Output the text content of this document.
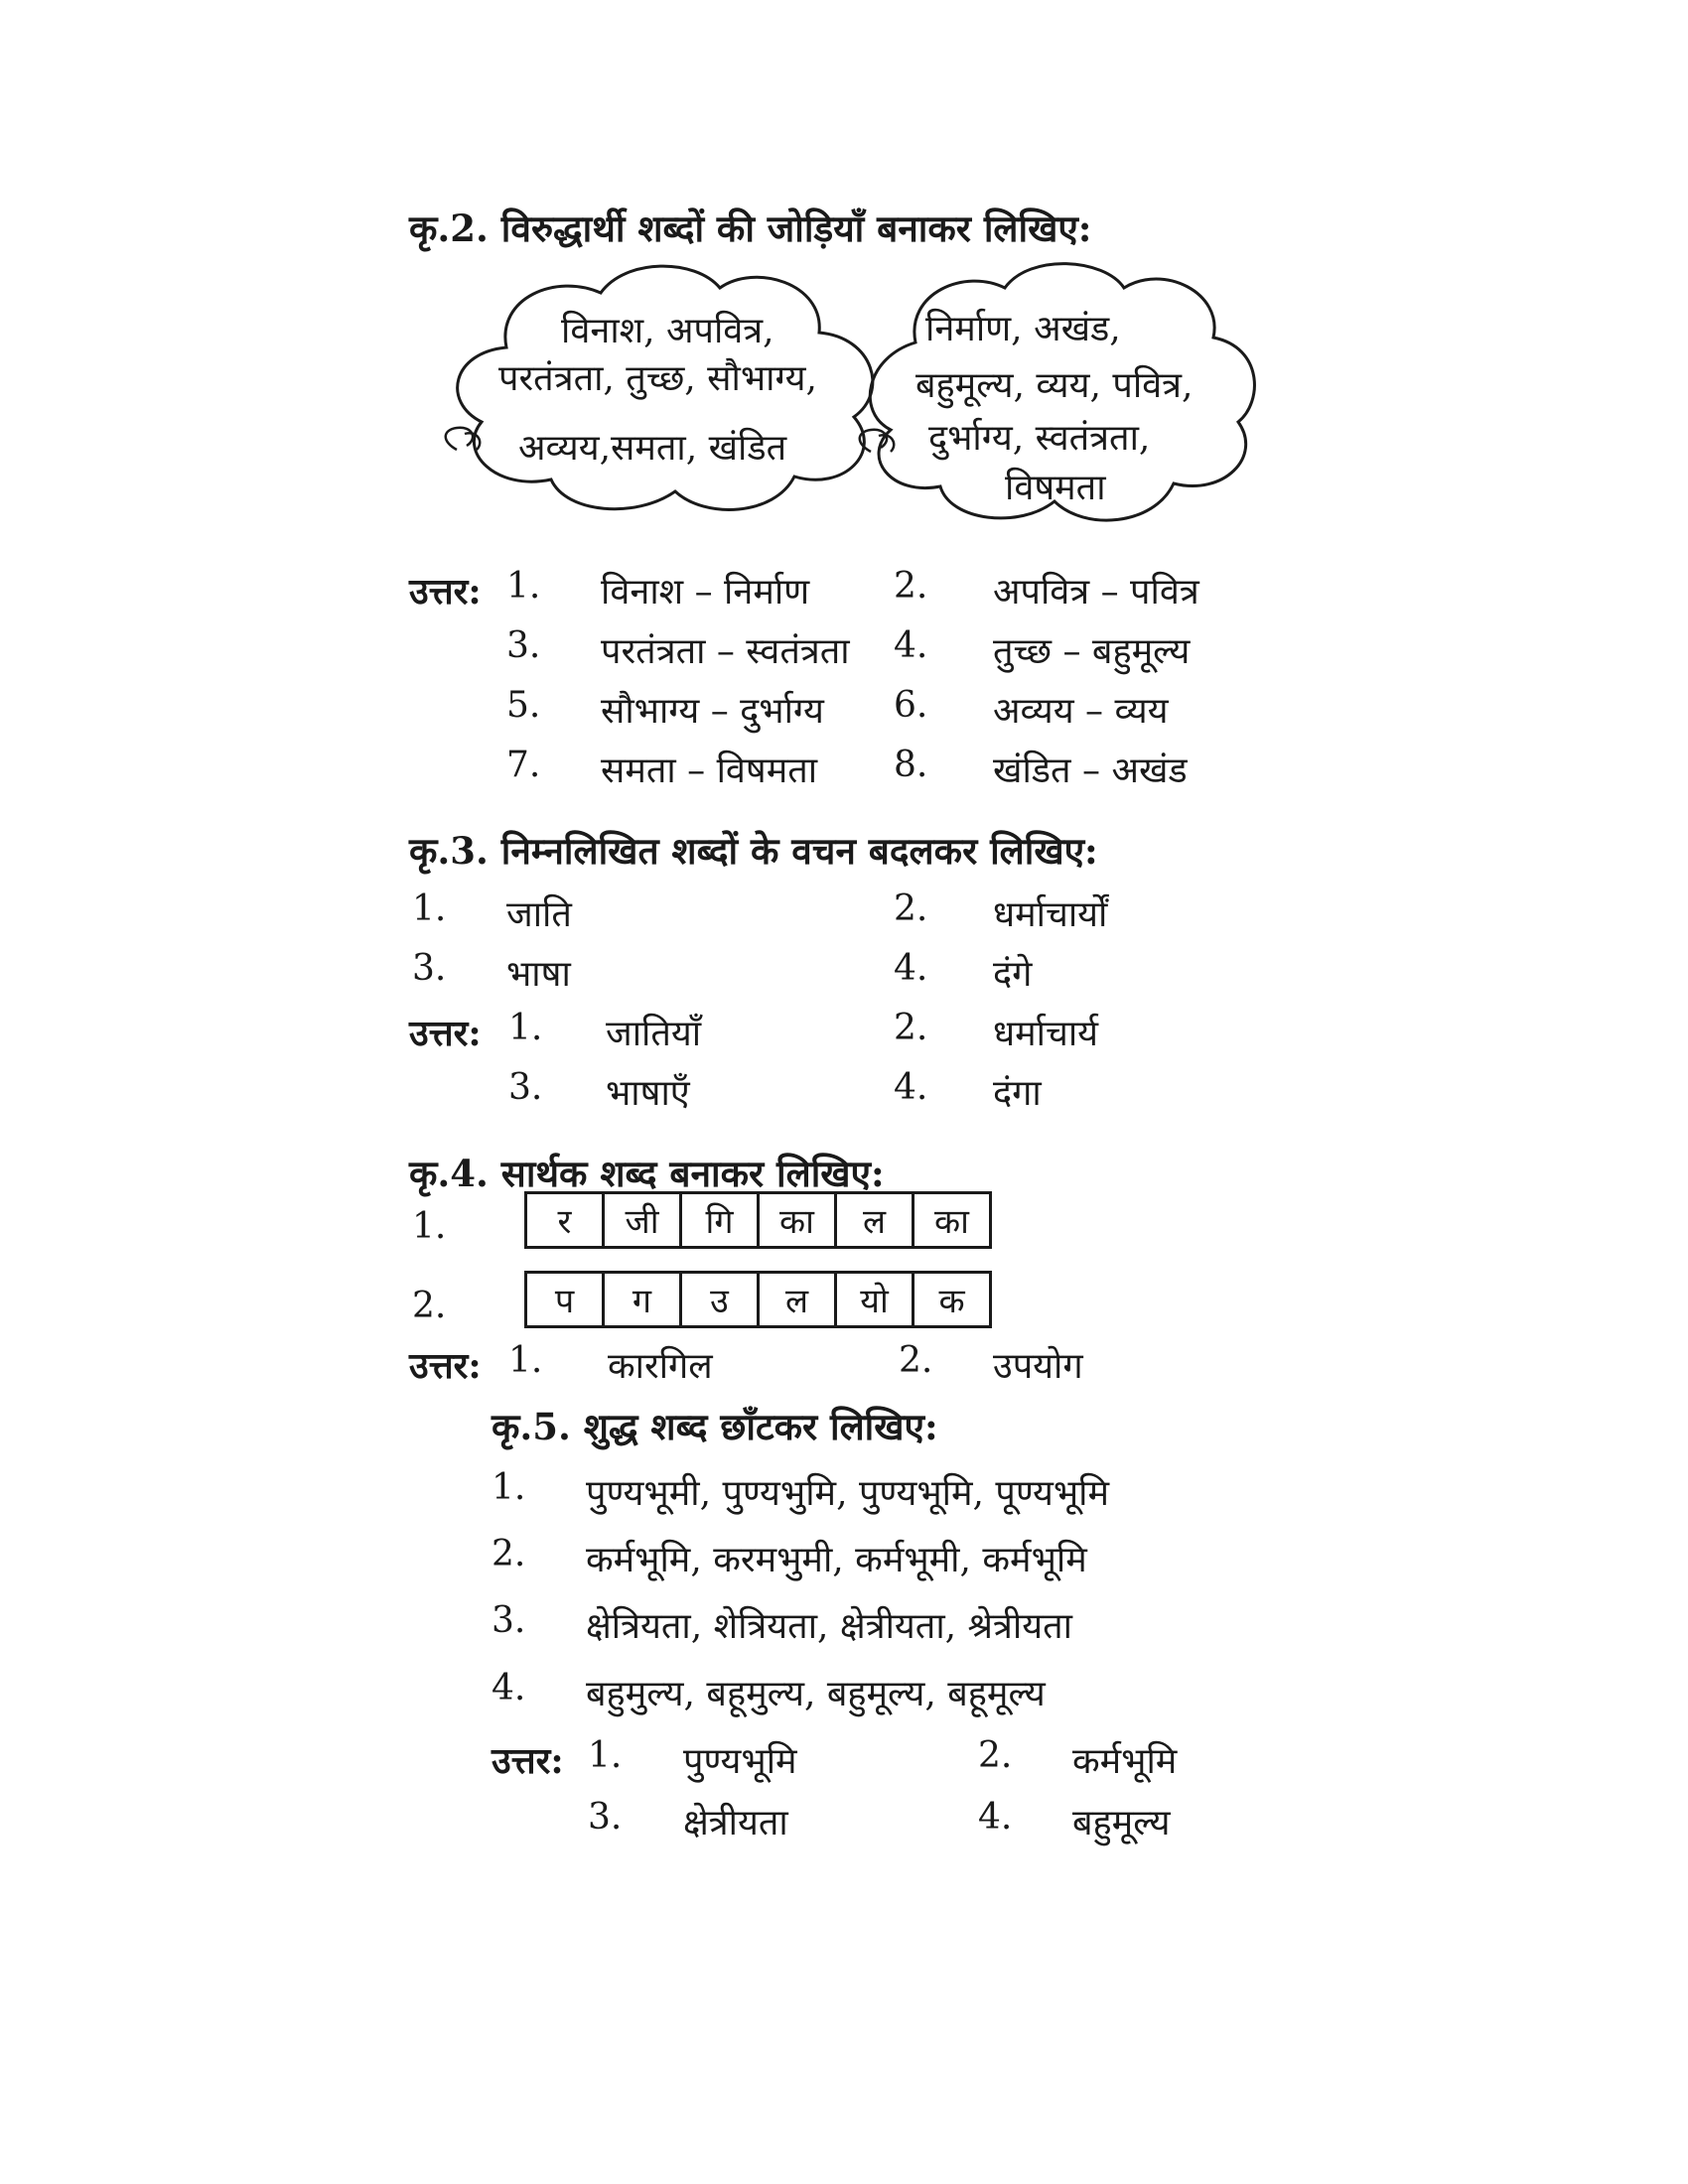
कृ.2. विरुद्धार्थी शब्दों की जोड़ियाँ बनाकर लिखिए:
विनाश, अपवित्र,
परतंत्रता, तुच्छ, सौभाग्य,
अव्यय,समता, खंडित
निर्माण, अखंड,
बहुमूल्य, व्यय, पवित्र,
दुर्भाग्य, स्वतंत्रता,
विषमता
उत्तर: 1. विनाश – निर्माण 2. अपवित्र – पवित्र
3. परतंत्रता – स्वतंत्रता 4. तुच्छ – बहुमूल्य
5. सौभाग्य – दुर्भाग्य 6. अव्यय – व्यय
7. समता – विषमता 8. खंडित – अखंड
कृ.3. निम्नलिखित शब्दों के वचन बदलकर लिखिए:
1. जाति	2. धर्माचार्यों
3. भाषा	4. दंगे
उत्तर: 1. जातियाँ	2. धर्माचार्य
3. भाषाएँ	4. दंगा
कृ.4. सार्थक शब्द बनाकर लिखिए:
1.	र	जी	गि	का	ल	का
2.	प	ग	उ	ल	यो	क
उत्तर: 1. कारगिल	2. उपयोग
कृ.5. शुद्ध शब्द छाँटकर लिखिए:
1. पुण्यभूमी, पुण्यभुमि, पुण्यभूमि, पूण्यभूमि
2. कर्मभूमि, करमभुमी, कर्मभूमी, कर्मभूमि
3. क्षेत्रियता, शेत्रियता, क्षेत्रीयता, श्रेत्रीयता
4. बहुमुल्य, बहूमुल्य, बहुमूल्य, बहूमूल्य
उत्तर: 1. पुण्यभूमि	2. कर्मभूमि
3. क्षेत्रीयता	4. बहुमूल्य
